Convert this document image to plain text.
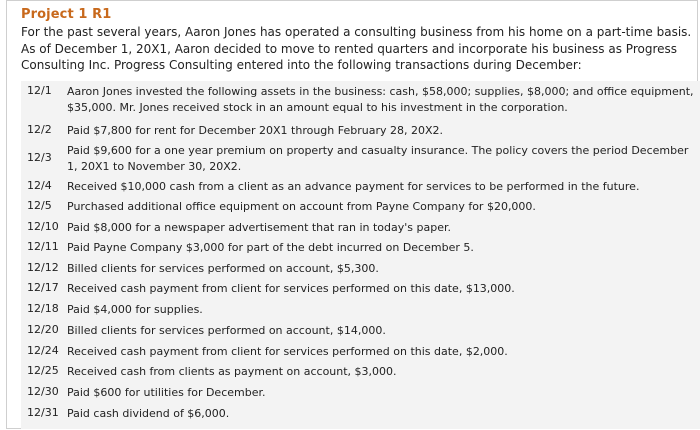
Project 1 R1
For the past several years, Aaron Jones has operated a consulting business from his home on a part-time basis. As of December 1, 20X1, Aaron decided to move to rented quarters and incorporate his business as Progress Consulting Inc. Progress Consulting entered into the following transactions during December:
12/1 Aaron Jones invested the following assets in the business: cash, $58,000; supplies, $8,000; and office equipment, $35,000. Mr. Jones received stock in an amount equal to his investment in the corporation.
12/2 Paid $7,800 for rent for December 20X1 through February 28, 20X2.
12/3
Paid $9,600 for a one year premium on property and casualty insurance. The policy covers the period December 1, 20X1 to November 30, 20X2.
12/4 Received $10,000 cash from a client as an advance payment for services to be performed in the future.
12/5 Purchased additional office equipment on account from Payne Company for $20,000.
12/10 Paid $8,000 for a newspaper advertisement that ran in today's paper.
12/11 Paid Payne Company $3,000 for part of the debt incurred on December 5.
12/12 Billed clients for services performed on account, $5,300.
12/17 Received cash payment from client for services performed on this date, $13,000.
12/18 Paid $4,000 for supplies.
12/20 Billed clients for services performed on account, $14,000.
12/24 Received cash payment from client for services performed on this date, $2,000.
12/25 Received cash from clients as payment on account, $3,000.
12/30 Paid $600 for utilities for December.
12/31 Paid cash dividend of $6,000.
